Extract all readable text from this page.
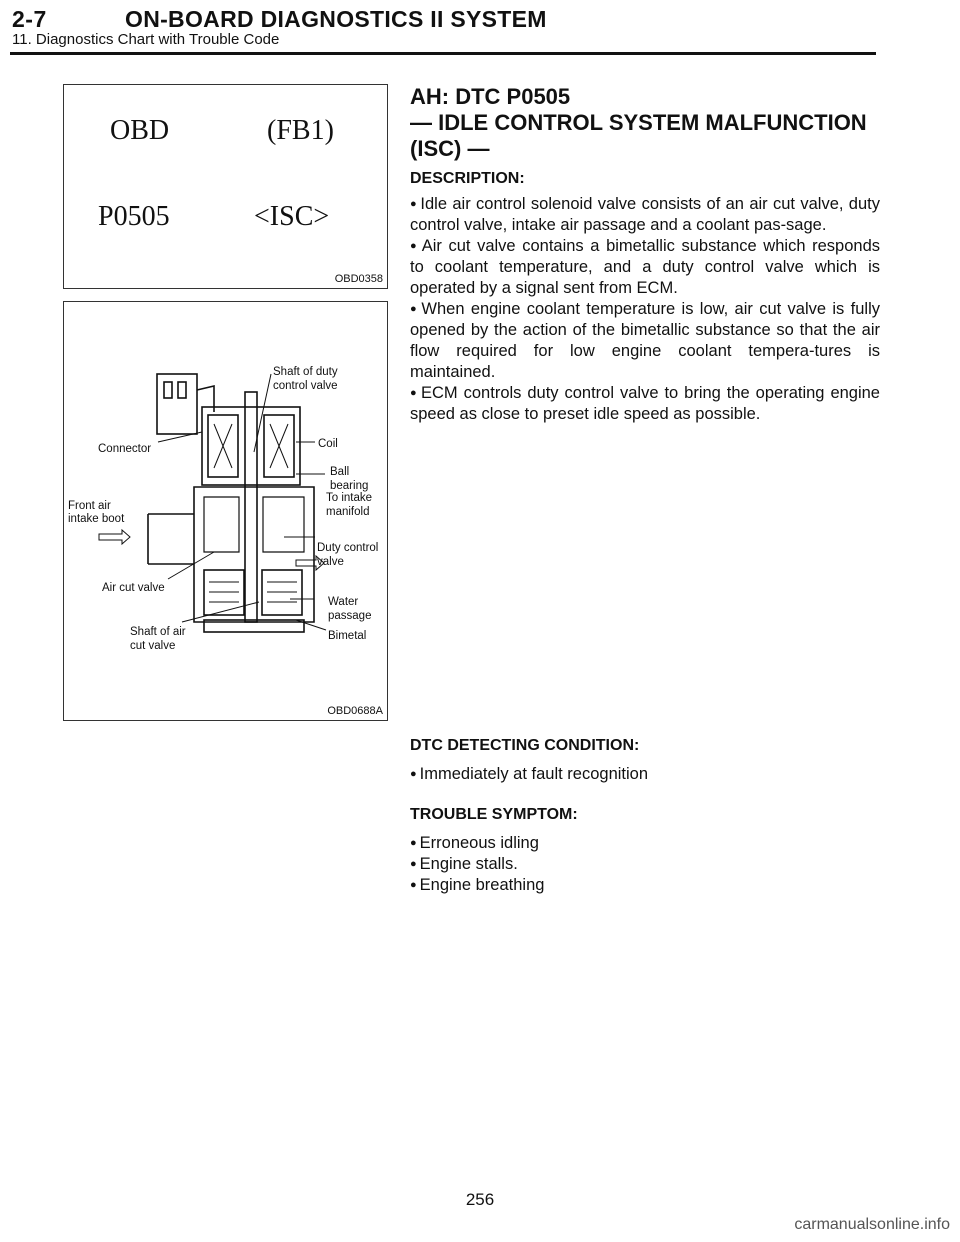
2-7	ON-BOARD DIAGNOSTICS II SYSTEM
11. Diagnostics Chart with Trouble Code
OBD	(FB1)
P0505	<ISC>
OBD0358
Shaft of duty
control valve
Connector	Coil
Ball
bearing
Front air
intake boot
To intake
manifold
Duty control
valve
Air cut valve
Water
passage
Shaft of air
cut valve
Bimetal
OBD0688A
AH: DTC P0505
— IDLE CONTROL SYSTEM MALFUNCTION
(ISC) —

DESCRIPTION:

● Idle air control solenoid valve consists of an air cut valve, duty control valve, intake air passage and a coolant pas-sage.

● Air cut valve contains a bimetallic substance which responds to coolant temperature, and a duty control valve which is operated by a signal sent from ECM.

● When engine coolant temperature is low, air cut valve is fully opened by the action of the bimetallic substance so that the air flow required for low engine coolant tempera-tures is maintained.

● ECM controls duty control valve to bring the operating engine speed as close to preset idle speed as possible.

DTC DETECTING CONDITION:

● Immediately at fault recognition

TROUBLE SYMPTOM:

● Erroneous idling

● Engine stalls.

● Engine breathing

256
carmanualsonline.info
